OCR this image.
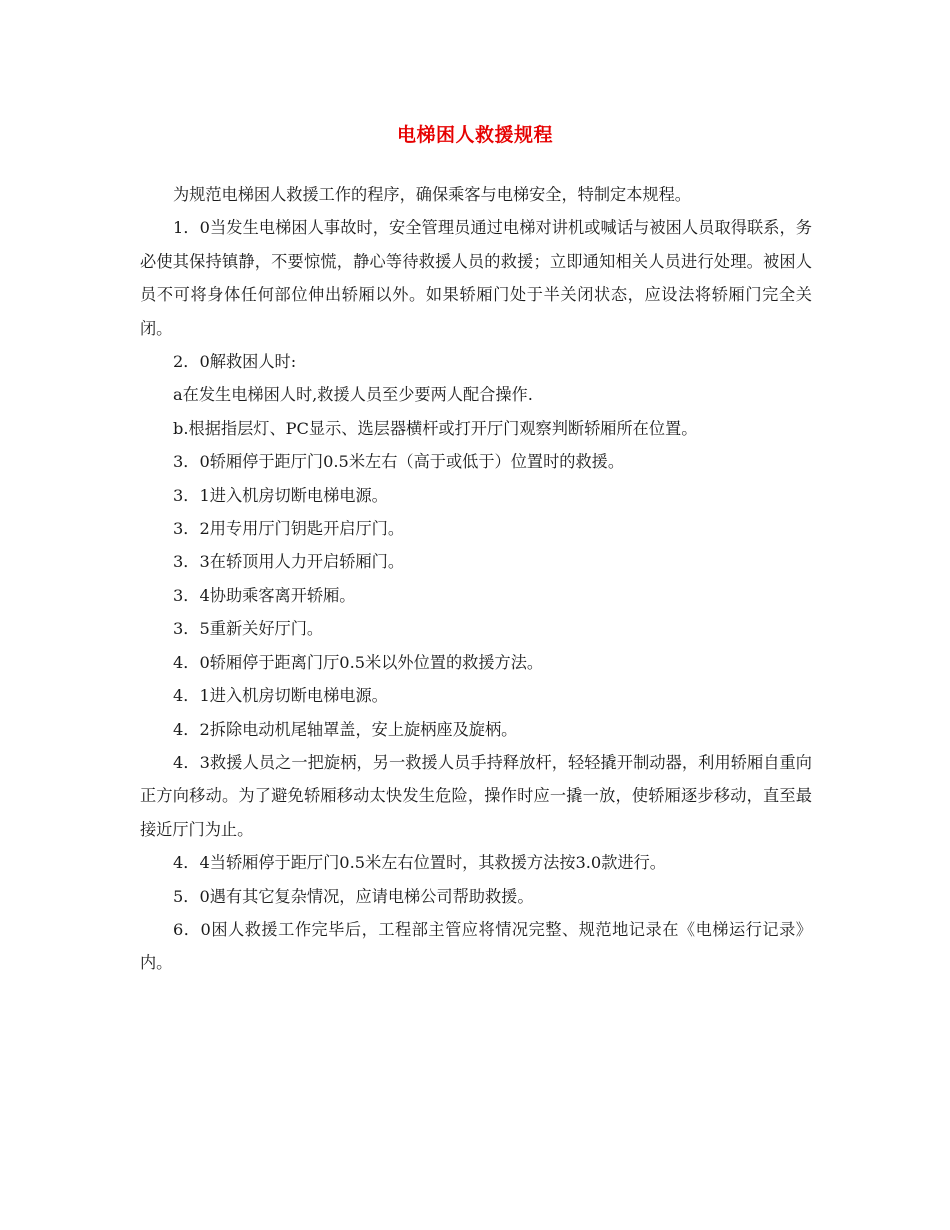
电梯困人救援规程

为规范电梯困人救援工作的程序，确保乘客与电梯安全，特制定本规程。

1．0当发生电梯困人事故时，安全管理员通过电梯对讲机或喊话与被困人员取得联系，务必使其保持镇静，不要惊慌，静心等待救援人员的救援；立即通知相关人员进行处理。被困人员不可将身体任何部位伸出轿厢以外。如果轿厢门处于半关闭状态，应设法将轿厢门完全关闭。

2．0解救困人时:

a在发生电梯困人时,救援人员至少要两人配合操作.

b.根据指层灯、PC显示、选层器横杆或打开厅门观察判断轿厢所在位置。

3．0轿厢停于距厅门0.5米左右（高于或低于）位置时的救援。

3．1进入机房切断电梯电源。

3．2用专用厅门钥匙开启厅门。

3．3在轿顶用人力开启轿厢门。

3．4协助乘客离开轿厢。

3．5重新关好厅门。

4．0轿厢停于距离门厅0.5米以外位置的救援方法。

4．1进入机房切断电梯电源。

4．2拆除电动机尾轴罩盖，安上旋柄座及旋柄。

4．3救援人员之一把旋柄，另一救援人员手持释放杆，轻轻撬开制动器，利用轿厢自重向正方向移动。为了避免轿厢移动太快发生危险，操作时应一撬一放，使轿厢逐步移动，直至最接近厅门为止。

4．4当轿厢停于距厅门0.5米左右位置时，其救援方法按3.0款进行。

5．0遇有其它复杂情况，应请电梯公司帮助救援。

6．0困人救援工作完毕后，工程部主管应将情况完整、规范地记录在《电梯运行记录》内。
